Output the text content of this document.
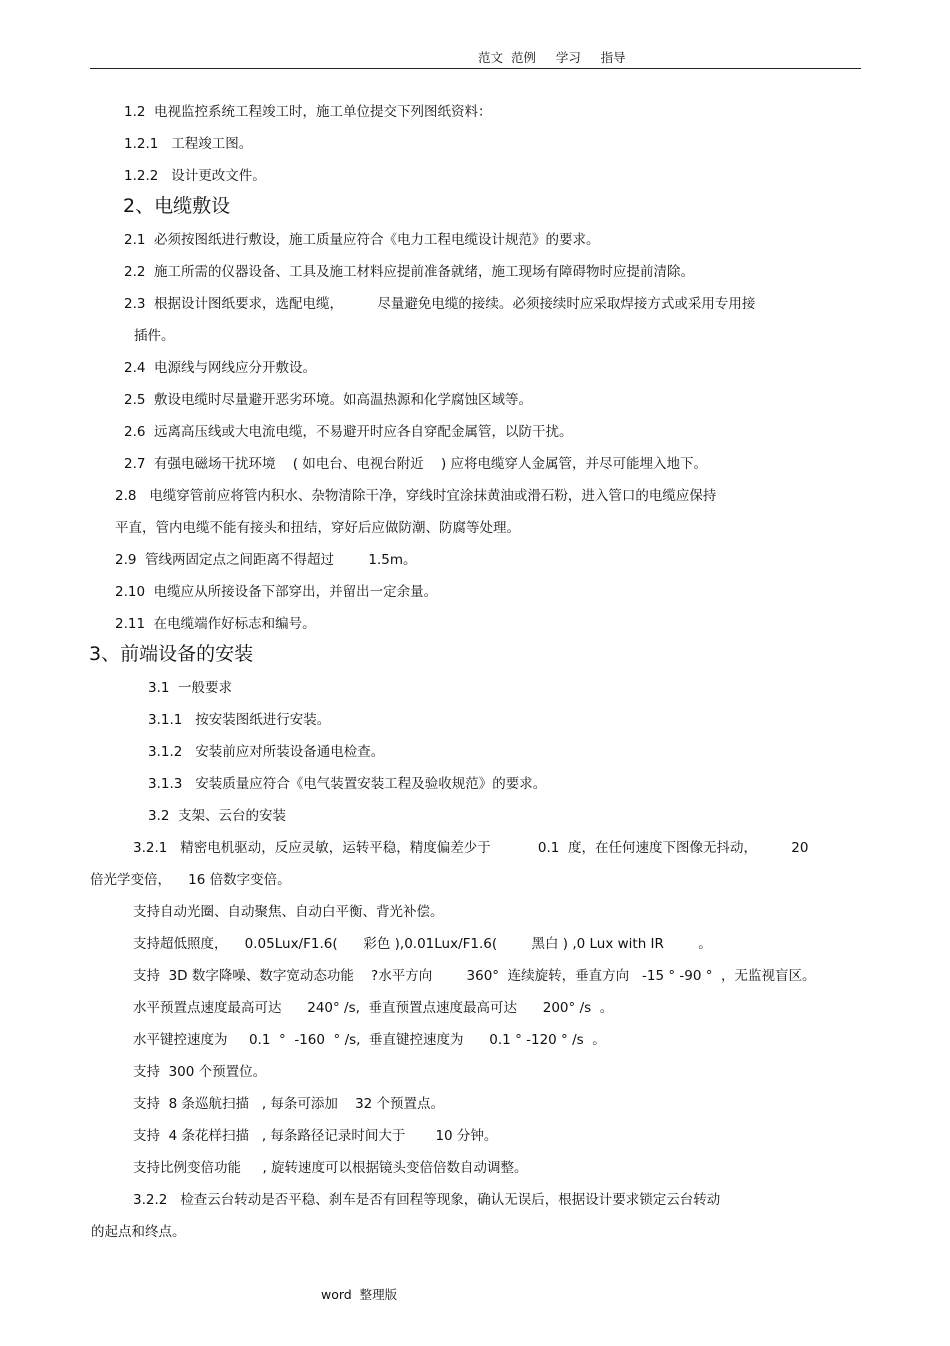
范文  范例     学习     指导
1.2  电视监控系统工程竣工时，施工单位提交下列图纸资料：
1.2.1   工程竣工图。
1.2.2   设计更改文件。
2、电缆敷设
2.1  必须按图纸进行敷设，施工质量应符合《电力工程电缆设计规范》的要求。
2.2  施工所需的仪器设备、工具及施工材料应提前准备就绪，施工现场有障碍物时应提前清除。
2.3  根据设计图纸要求，选配电缆，        尽量避免电缆的接续。必须接续时应采取焊接方式或采用专用接
插件。
2.4  电源线与网线应分开敷设。
2.5  敷设电缆时尽量避开恶劣环境。如高温热源和化学腐蚀区域等。
2.6  远离高压线或大电流电缆，不易避开时应各自穿配金属管，以防干扰。
2.7  有强电磁场干扰环境    ( 如电台、电视台附近    ) 应将电缆穿人金属管，并尽可能埋入地下。
2.8   电缆穿管前应将管内积水、杂物清除干净，穿线时宜涂抹黄油或滑石粉，进入管口的电缆应保持
平直，管内电缆不能有接头和扭结，穿好后应做防潮、防腐等处理。
2.9  管线两固定点之间距离不得超过        1.5m。
2.10  电缆应从所接设备下部穿出，并留出一定余量。
2.11  在电缆端作好标志和编号。
3、前端设备的安装
3.1  一般要求
3.1.1   按安装图纸进行安装。
3.1.2   安装前应对所装设备通电检查。
3.1.3   安装质量应符合《电气装置安装工程及验收规范》的要求。
3.2  支架、云台的安装
3.2.1   精密电机驱动，反应灵敏，运转平稳，精度偏差少于           0.1  度，在任何速度下图像无抖动，        20
倍光学变倍，    16 倍数字变倍。
支持自动光圈、自动聚焦、自动白平衡、背光补偿。
支持超低照度，    0.05Lux/F1.6(      彩色 ),0.01Lux/F1.6(        黑白 ) ,0 Lux with IR        。
支持  3D 数字降噪、数字宽动态功能    ?水平方向        360°  连续旋转，垂直方向   -15 ° -90 °  ，无监视盲区。
水平预置点速度最高可达      240° /s,  垂直预置点速度最高可达      200° /s  。
水平键控速度为     0.1  °  -160  ° /s,  垂直键控速度为      0.1 ° -120 ° /s  。
支持  300 个预置位。
支持  8 条巡航扫描   , 每条可添加    32 个预置点。
支持  4 条花样扫描   , 每条路径记录时间大于       10 分钟。
支持比例变倍功能     , 旋转速度可以根据镜头变倍倍数自动调整。
3.2.2   检查云台转动是否平稳、刹车是否有回程等现象，确认无误后，根据设计要求锁定云台转动
的起点和终点。
word  整理版
